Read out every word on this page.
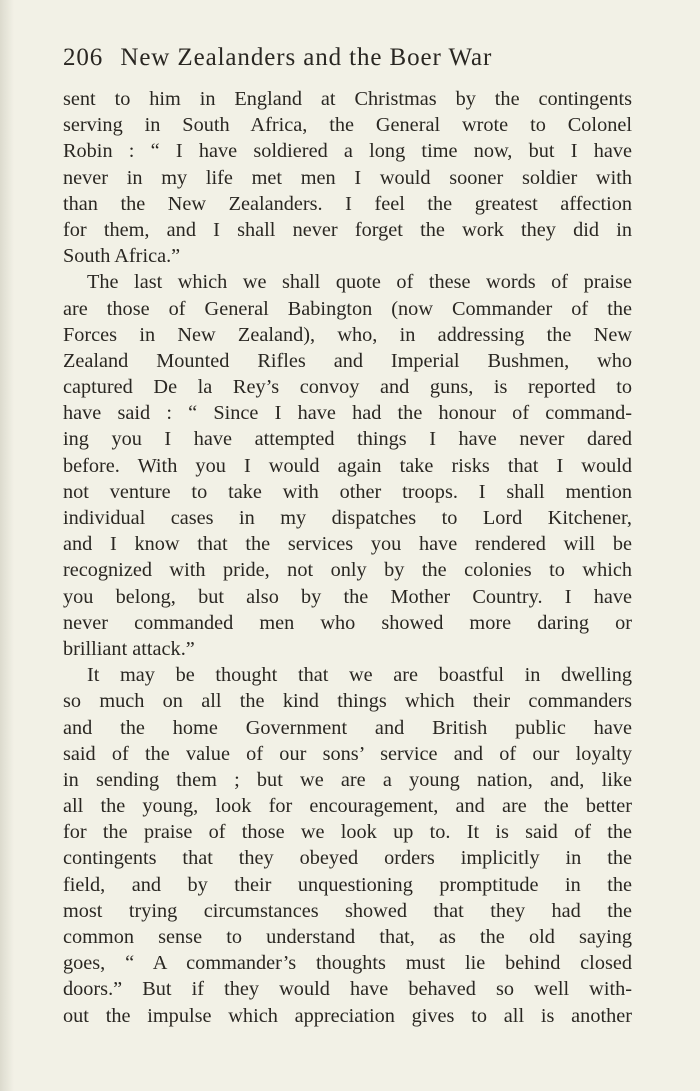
206 New Zealanders and the Boer War
sent to him in England at Christmas by the contingents
serving in South Africa, the General wrote to Colonel
Robin : “ I have soldiered a long time now, but I have
never in my life met men I would sooner soldier with
than the New Zealanders. I feel the greatest affection
for them, and I shall never forget the work they did in
South Africa.”
The last which we shall quote of these words of praise
are those of General Babington (now Commander of the
Forces in New Zealand), who, in addressing the New
Zealand Mounted Rifles and Imperial Bushmen, who
captured De la Rey’s convoy and guns, is reported to
have said : “ Since I have had the honour of command-
ing you I have attempted things I have never dared
before. With you I would again take risks that I would
not venture to take with other troops. I shall mention
individual cases in my dispatches to Lord Kitchener,
and I know that the services you have rendered will be
recognized with pride, not only by the colonies to which
you belong, but also by the Mother Country. I have
never commanded men who showed more daring or
brilliant attack.”
It may be thought that we are boastful in dwelling
so much on all the kind things which their commanders
and the home Government and British public have
said of the value of our sons’ service and of our loyalty
in sending them ; but we are a young nation, and, like
all the young, look for encouragement, and are the better
for the praise of those we look up to. It is said of the
contingents that they obeyed orders implicitly in the
field, and by their unquestioning promptitude in the
most trying circumstances showed that they had the
common sense to understand that, as the old saying
goes, “ A commander’s thoughts must lie behind closed
doors.” But if they would have behaved so well with-
out the impulse which appreciation gives to all is another
